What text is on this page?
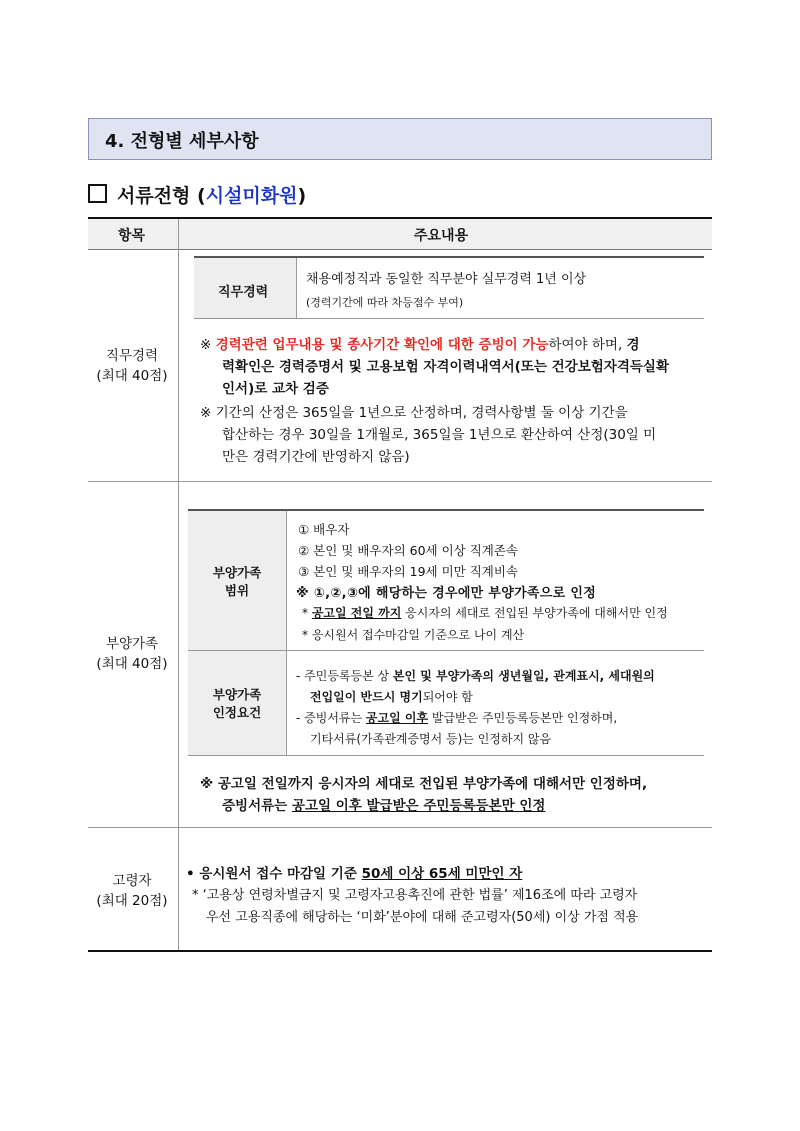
4. 전형별 세부사항
서류전형 (시설미화원)
항목	주요내용
직무경력
(최대 40점)
직무경력
채용예정직과 동일한 직무분야 실무경력 1년 이상
(경력기간에 따라 차등점수 부여)
※ 경력관련 업무내용 및 종사기간 확인에 대한 증빙이 가능하여야 하며, 경
력확인은 경력증명서 및 고용보험 자격이력내역서(또는 건강보험자격득실확
인서)로 교차 검증
※ 기간의 산정은 365일을 1년으로 산정하며, 경력사항별 둘 이상 기간을
합산하는 경우 30일을 1개월로, 365일을 1년으로 환산하여 산정(30일 미
만은 경력기간에 반영하지 않음)
부양가족
(최대 40점)
부양가족
범위
① 배우자
② 본인 및 배우자의 60세 이상 직계존속
③ 본인 및 배우자의 19세 미만 직계비속
※ ①,②,③에 해당하는 경우에만 부양가족으로 인정
* 공고일 전일 까지 응시자의 세대로 전입된 부양가족에 대해서만 인정
* 응시원서 접수마감일 기준으로 나이 계산
부양가족
인정요건
- 주민등록등본 상 본인 및 부양가족의 생년월일, 관계표시, 세대원의
전입일이 반드시 명기되어야 함
- 증빙서류는 공고일 이후 발급받은 주민등록등본만 인정하며,
기타서류(가족관계증명서 등)는 인정하지 않음
※ 공고일 전일까지 응시자의 세대로 전입된 부양가족에 대해서만 인정하며,
증빙서류는 공고일 이후 발급받은 주민등록등본만 인정
고령자
(최대 20점)
• 응시원서 접수 마감일 기준 50세 이상 65세 미만인 자
* ‘고용상 연령차별금지 및 고령자고용촉진에 관한 법률’ 제16조에 따라 고령자
우선 고용직종에 해당하는 ‘미화’분야에 대해 준고령자(50세) 이상 가점 적용
